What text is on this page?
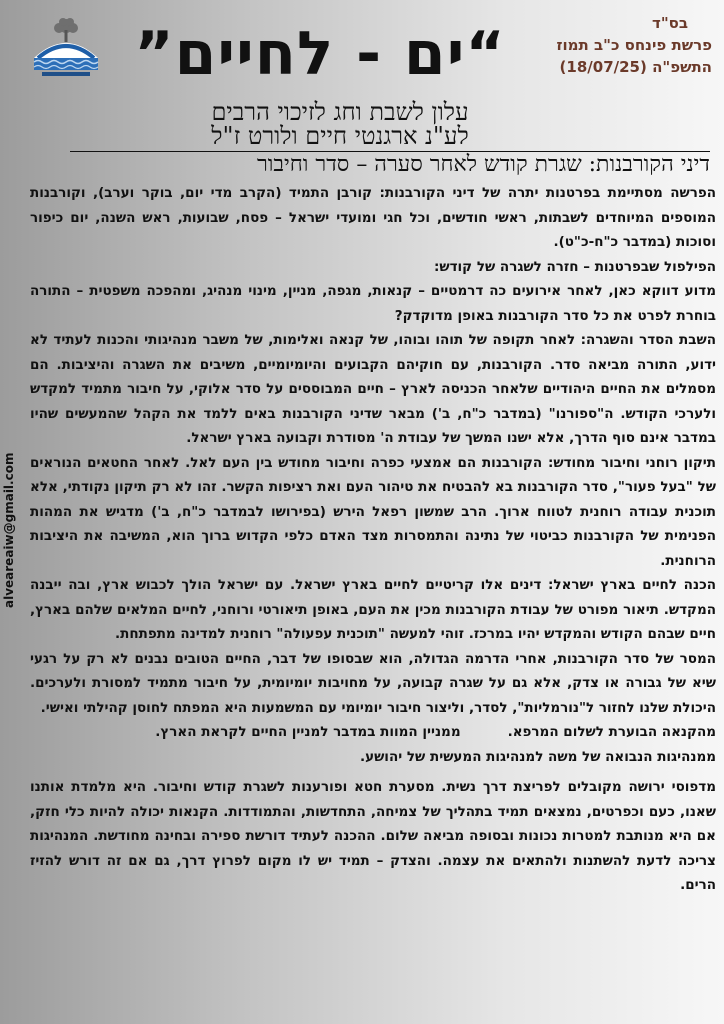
“ים - לחיים”	בס"ד
פרשת פינחס כ"ב תמוז
התשפ"ה (18/07/25)
עלון לשבת וחג לזיכוי הרבים
לע"נ ארגנטי חיים ולורט ז"ל
דיני הקורבנות: שגרת קודש לאחר סערה – סדר וחיבור
alveareaiw@gmail.com

הפרשה מסתיימת בפרטנות יתרה של דיני הקורבנות: קורבן התמיד (הקרב מדי יום, בוקר וערב), וקורבנות המוספים המיוחדים לשבתות, ראשי חודשים, וכל חגי ומועדי ישראל – פסח, שבועות, ראש השנה, יום כיפור וסוכות (במדבר כ"ח-כ"ט).

הפילפול שבפרטנות – חזרה לשגרה של קודש:

מדוע דווקא כאן, לאחר אירועים כה דרמטיים – קנאות, מגפה, מניין, מינוי מנהיג, ומהפכה משפטית – התורה בוחרת לפרט את כל סדר הקורבנות באופן מדוקדק?

השבת הסדר והשגרה: לאחר תקופה של תוהו ובוהו, של קנאה ואלימות, של משבר מנהיגותי והכנות לעתיד לא ידוע, התורה מביאה סדר. הקורבנות, עם חוקיהם הקבועים והיומיומיים, משיבים את השגרה והיציבות. הם מסמלים את החיים היהודיים שלאחר הכניסה לארץ – חיים המבוססים על סדר אלוקי, על חיבור מתמיד למקדש ולערכי הקודש. ה"ספורנו" (במדבר כ"ח, ב') מבאר שדיני הקורבנות באים ללמד את הקהל שהמעשים שהיו במדבר אינם סוף הדרך, אלא ישנו המשך של עבודת ה' מסודרת וקבועה בארץ ישראל.

תיקון רוחני וחיבור מחודש: הקורבנות הם אמצעי כפרה וחיבור מחודש בין העם לאל. לאחר החטאים הנוראים של "בעל פעור", סדר הקורבנות בא להבטיח את טיהור העם ואת רציפות הקשר. זהו לא רק תיקון נקודתי, אלא תוכנית עבודה רוחנית לטווח ארוך. הרב שמשון רפאל הירש (בפירושו לבמדבר כ"ח, ב') מדגיש את המהות הפנימית של הקורבנות כביטוי של נתינה והתמסרות מצד האדם כלפי הקדוש ברוך הוא, המשיבה את היציבות הרוחנית.

הכנה לחיים בארץ ישראל: דינים אלו קריטיים לחיים בארץ ישראל. עם ישראל הולך לכבוש ארץ, ובה ייבנה המקדש. תיאור מפורט של עבודת הקורבנות מכין את העם, באופן תיאורטי ורוחני, לחיים המלאים שלהם בארץ, חיים שבהם הקודש והמקדש יהיו במרכז. זוהי למעשה "תוכנית עפעולה" רוחנית למדינה מתפתחת.

המסר של סדר הקורבנות, אחרי הדרמה הגדולה, הוא שבסופו של דבר, החיים הטובים נבנים לא רק על רגעי שיא של גבורה או צדק, אלא גם על שגרה קבועה, על מחויבות יומיומית, על חיבור מתמיד למסורת ולערכים. היכולת שלנו לחזור ל"נורמליות", לסדר, וליצור חיבור יומיומי עם המשמעות היא המפתח לחוסן קהילתי ואישי.

מהקנאה הבוערת לשלום המרפא.          ממניין המוות במדבר למניין החיים לקראת הארץ.

ממנהיגות הנבואה של משה למנהיגות המעשית של יהושע.

מדפוסי ירושה מקובלים לפריצת דרך נשית. מסערת חטא ופורענות לשגרת קודש וחיבור. היא מלמדת אותנו שאנו, כעם וכפרטים, נמצאים תמיד בתהליך של צמיחה, התחדשות, והתמודדות. הקנאות יכולה להיות כלי חזק, אם היא מנותבת למטרות נכונות ובסופה מביאה שלום. ההכנה לעתיד דורשת ספירה ובחינה מחודשת. המנהיגות צריכה לדעת להשתנות ולהתאים את עצמה. והצדק – תמיד יש לו מקום לפרוץ דרך, גם אם זה דורש להזיז הרים.
